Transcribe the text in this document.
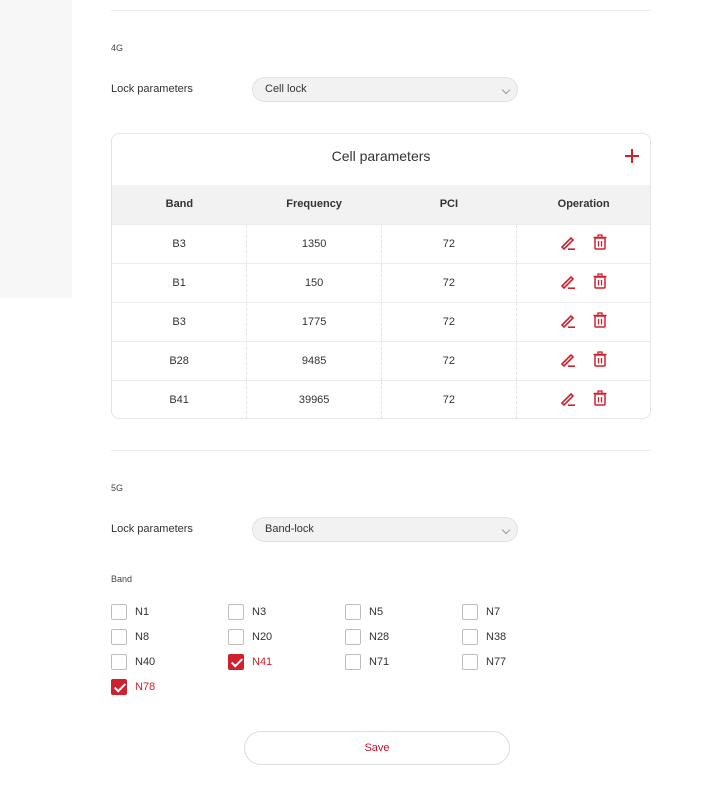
4G
Lock parameters	Cell lock
Cell parameters
Band	Frequency	PCI	Operation
B3	1350	72	

B1	150	72	

B3	1775	72	

B28	9485	72	

B41	39965	72	
5G
Lock parameters	Band-lock
Band
N1	N3	N5	N7
N8	N20	N28	N38
N40	N41	N71	N77
N78
Save
